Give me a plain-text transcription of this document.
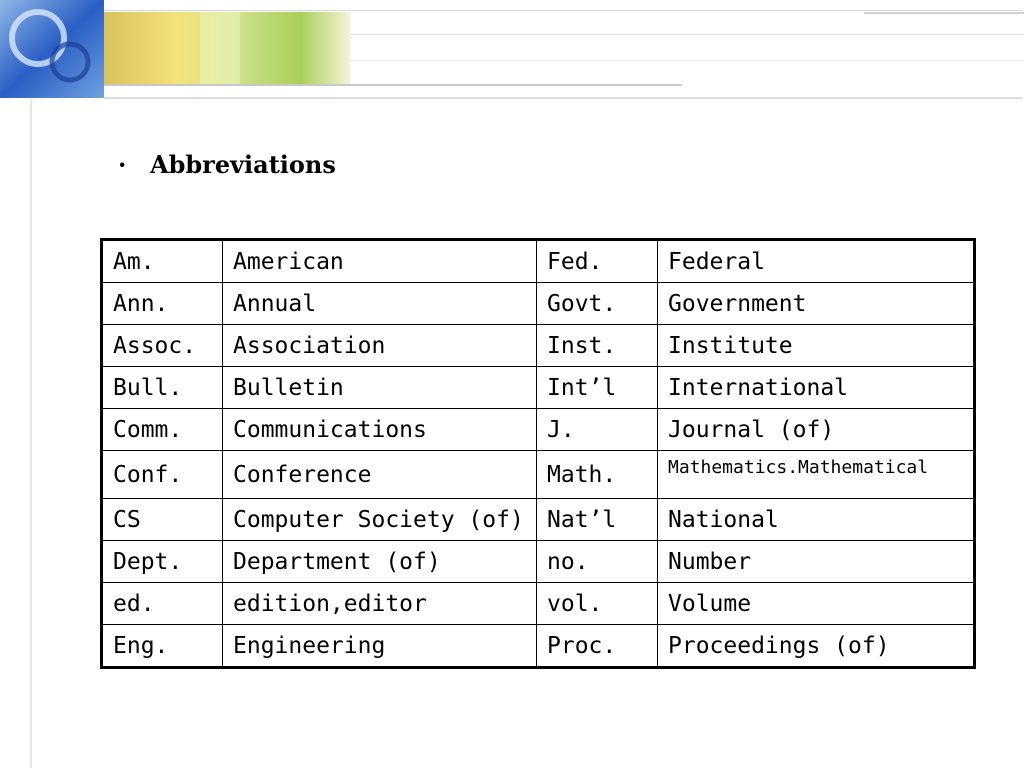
· Abbreviations
Am.	American	Fed.	Federal
Ann.	Annual	Govt.	Government
Assoc.	Association	Inst.	Institute
Bull.	Bulletin	Int’l	International
Comm.	Communications	J.	Journal (of)
Conf.	Conference	Math.	Mathematics.Mathematical
CS	Computer Society (of)	Nat’l	National
Dept.	Department (of)	no.	Number
ed.	edition,editor	vol.	Volume
Eng.	Engineering	Proc.	Proceedings (of)
